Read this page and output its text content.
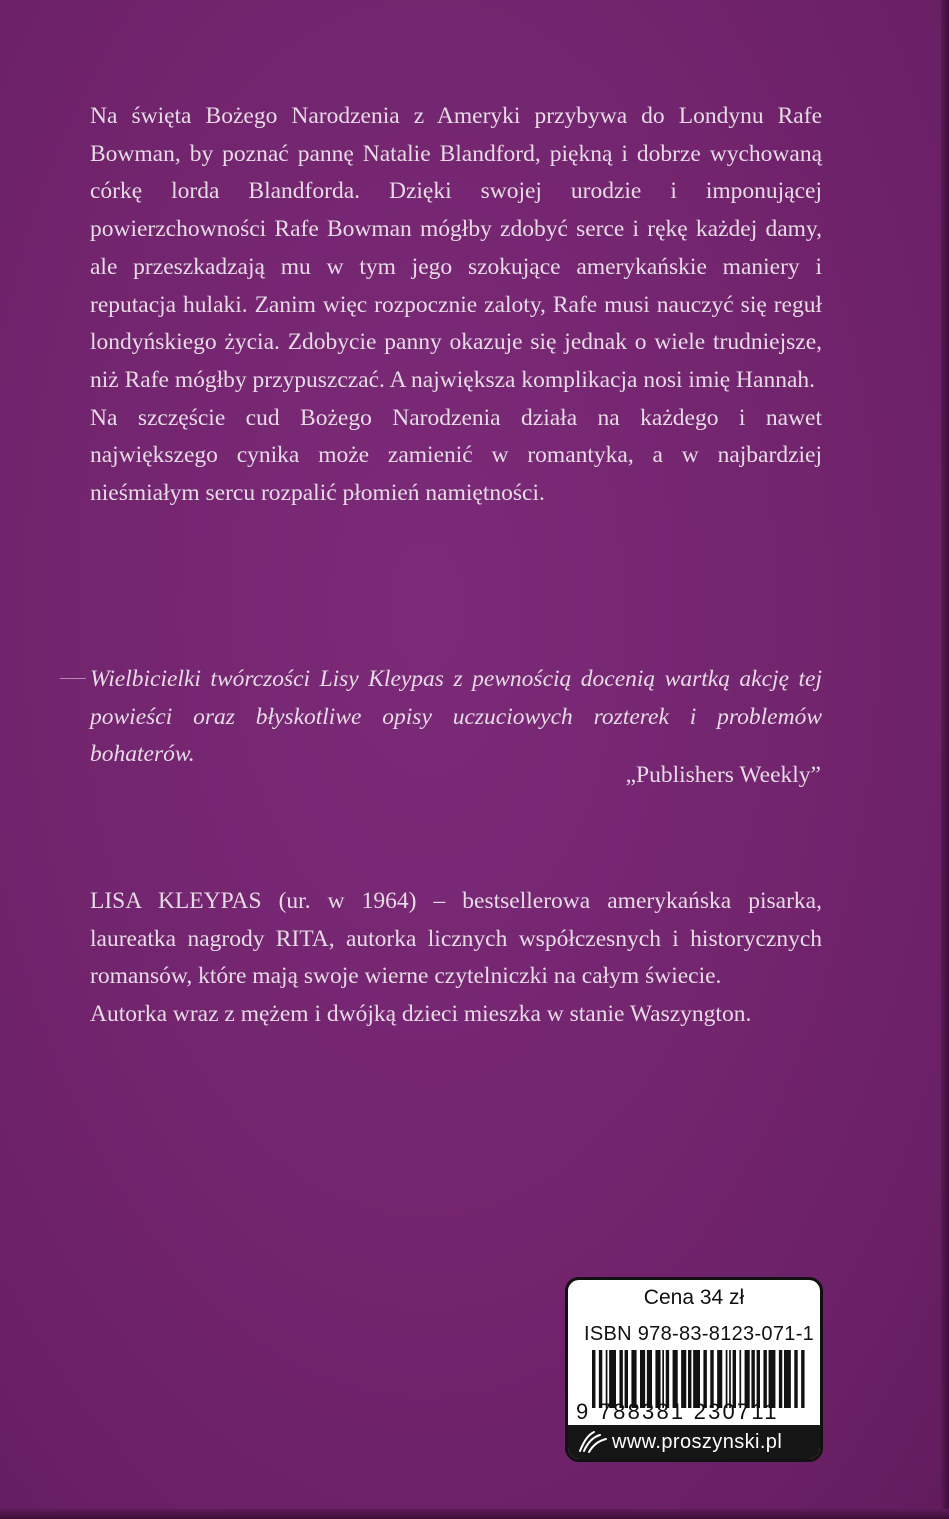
Na święta Bożego Narodzenia z Ameryki przybywa do Londynu Rafe Bowman, by poznać pannę Natalie Blandford, piękną i dobrze wychowaną córkę lorda Blandforda. Dzięki swojej urodzie i imponującej powierzchowności Rafe Bowman mógłby zdobyć serce i rękę każdej damy, ale przeszkadzają mu w tym jego szokujące amerykańskie maniery i reputacja hulaki. Zanim więc rozpocznie zaloty, Rafe musi nauczyć się reguł londyńskiego życia. Zdobycie panny okazuje się jednak o wiele trudniejsze, niż Rafe mógłby przypuszczać. A największa komplikacja nosi imię Hannah.

Na szczęście cud Bożego Narodzenia działa na każdego i nawet największego cynika może zamienić w romantyka, a w najbardziej nieśmiałym sercu rozpalić płomień namiętności.

Wielbicielki twórczości Lisy Kleypas z pewnością docenią wartką akcję tej powieści oraz błyskotliwe opisy uczuciowych rozterek i problemów bohaterów.

„Publishers Weekly”

LISA KLEYPAS (ur. w 1964) – bestsellerowa amerykańska pisarka, laureatka nagrody RITA, autorka licznych współczesnych i historycznych romansów, które mają swoje wierne czytelniczki na całym świecie.

Autorka wraz z mężem i dwójką dzieci mieszka w stanie Waszyngton.

Cena 34 zł
ISBN 978-83-8123-071-1
9 788381 230711
www.proszynski.pl
